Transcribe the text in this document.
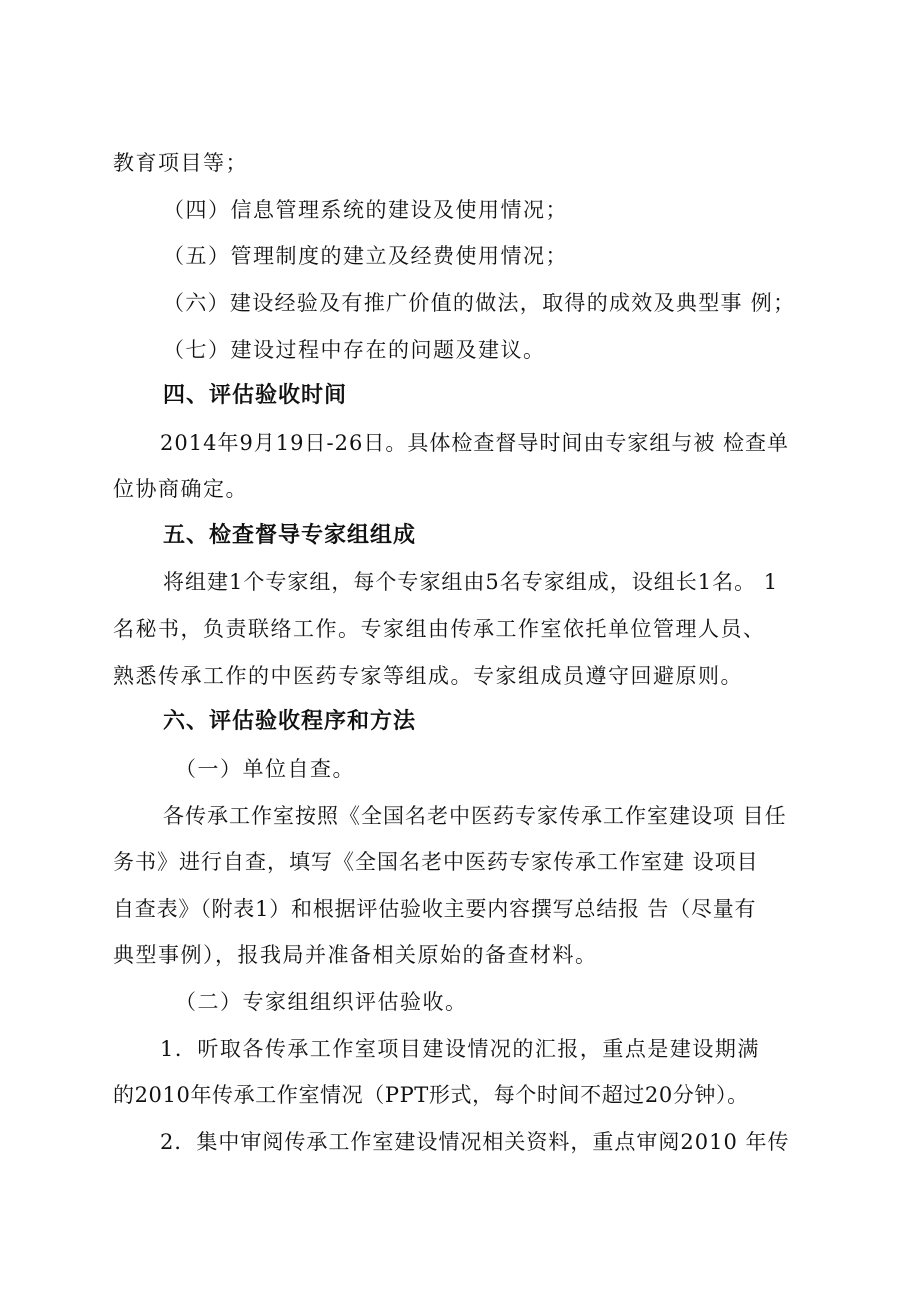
教育项目等；
（四）信息管理系统的建设及使用情况；
（五）管理制度的建立及经费使用情况；
（六）建设经验及有推广价值的做法，取得的成效及典型事 例；
（七）建设过程中存在的问题及建议。
四、评估验收时间
2014年9月19日-26日。具体检查督导时间由专家组与被 检查单
位协商确定。
五、检查督导专家组组成
将组建1个专家组，每个专家组由5名专家组成，设组长1名。 1
名秘书，负责联络工作。专家组由传承工作室依托单位管理人员、
熟悉传承工作的中医药专家等组成。专家组成员遵守回避原则。
六、评估验收程序和方法
（一）单位自查。
各传承工作室按照《全国名老中医药专家传承工作室建设项 目任
务书》进行自查，填写《全国名老中医药专家传承工作室建 设项目
自查表》（附表1）和根据评估验收主要内容撰写总结报 告（尽量有
典型事例），报我局并准备相关原始的备查材料。
（二）专家组组织评估验收。
1．听取各传承工作室项目建设情况的汇报，重点是建设期满
的2010年传承工作室情况（PPT形式，每个时间不超过20分钟）。
2．集中审阅传承工作室建设情况相关资料，重点审阅2010 年传
